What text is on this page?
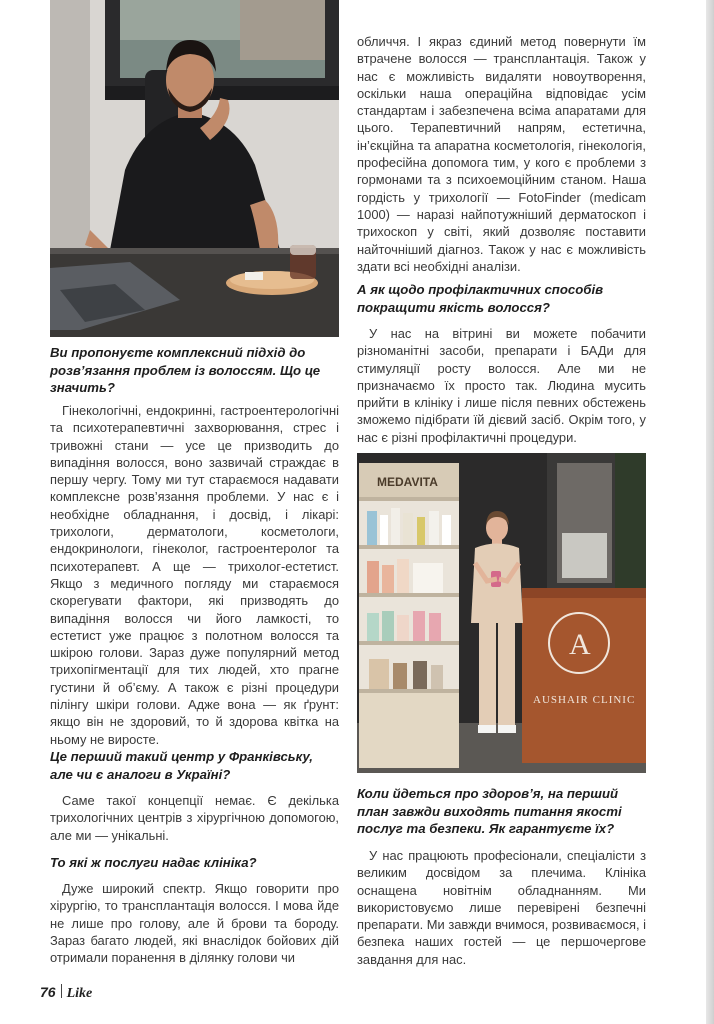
Ви пропонуєте комплексний підхід до розв’язання проблем із волоссям. Що це значить?

Гінекологічні, ендокринні, гастроентерологічні та психотерапевтичні захворювання, стрес і тривожні стани — усе це призводить до випадіння волосся, воно зазвичай страждає в першу чергу. Тому ми тут стараємося надавати комплексне розв’язання проблеми. У нас є і необхідне обладнання, і досвід, і лікарі: трихологи, дерматологи, косметологи, ендокринологи, гінеколог, гастроентеролог та психотерапевт. А ще — трихолог-естетист. Якщо з медичного погляду ми стараємося скорегувати фактори, які призводять до випадіння волосся чи його ламкості, то естетист уже працює з полотном волосся та шкірою голови. Зараз дуже популярний метод трихопігментації для тих людей, хто прагне густини й об’єму. А також є різні процедури пілінгу шкіри голови. Адже вона — як ґрунт: якщо він не здоровий, то й здорова квітка на ньому не виросте.

Це перший такий центр у Франківську, але чи є аналоги в Україні?

Саме такої концепції немає. Є декілька трихологічних центрів з хірургічною допомогою, але ми — унікальні.

То які ж послуги надає клініка?

Дуже широкий спектр. Якщо говорити про хірургію, то трансплантація волосся. І мова йде не лише про голову, але й брови та бороду. Зараз багато людей, які внаслідок бойових дій отримали поранення в ділянку голови чи

обличчя. І якраз єдиний метод повернути їм втрачене волосся — трансплантація. Також у нас є можливість видаляти новоутворення, оскільки наша операційна відповідає усім стандартам і забезпечена всіма апаратами для цього. Терапевтичний напрям, естетична, ін’єкційна та апаратна косметологія, гінекологія, професійна допомога тим, у кого є проблеми з гормонами та з психоемоційним станом. Наша гордість у трихології — FotoFinder (medicam 1000) — наразі найпотужніший дерматоскоп і трихоскоп у світі, який дозволяє поставити найточніший діагноз. Також у нас є можливість здати всі необхідні аналізи.

А як щодо профілактичних способів покращити якість волосся?

У нас на вітрині ви можете побачити різноманітні засоби, препарати і БАДи для стимуляції росту волосся. Але ми не призначаємо їх просто так. Людина мусить прийти в клініку і лише після певних обстежень зможемо підібрати їй дієвий засіб. Окрім того, у нас є різні профілактичні процедури.

MEDAVITA
A
AUSHAIR CLINIC

Коли йдеться про здоров’я, на перший план завжди виходять питання якості послуг та безпеки. Як гарантуєте їх?

У нас працюють професіонали, спеціалісти з великим досвідом за плечима. Клініка оснащена новітнім обладнанням. Ми використовуємо лише перевірені безпечні препарати. Ми завжди вчимося, розвиваємося, і безпека наших гостей — це першочергове завдання для нас.

76 Like
